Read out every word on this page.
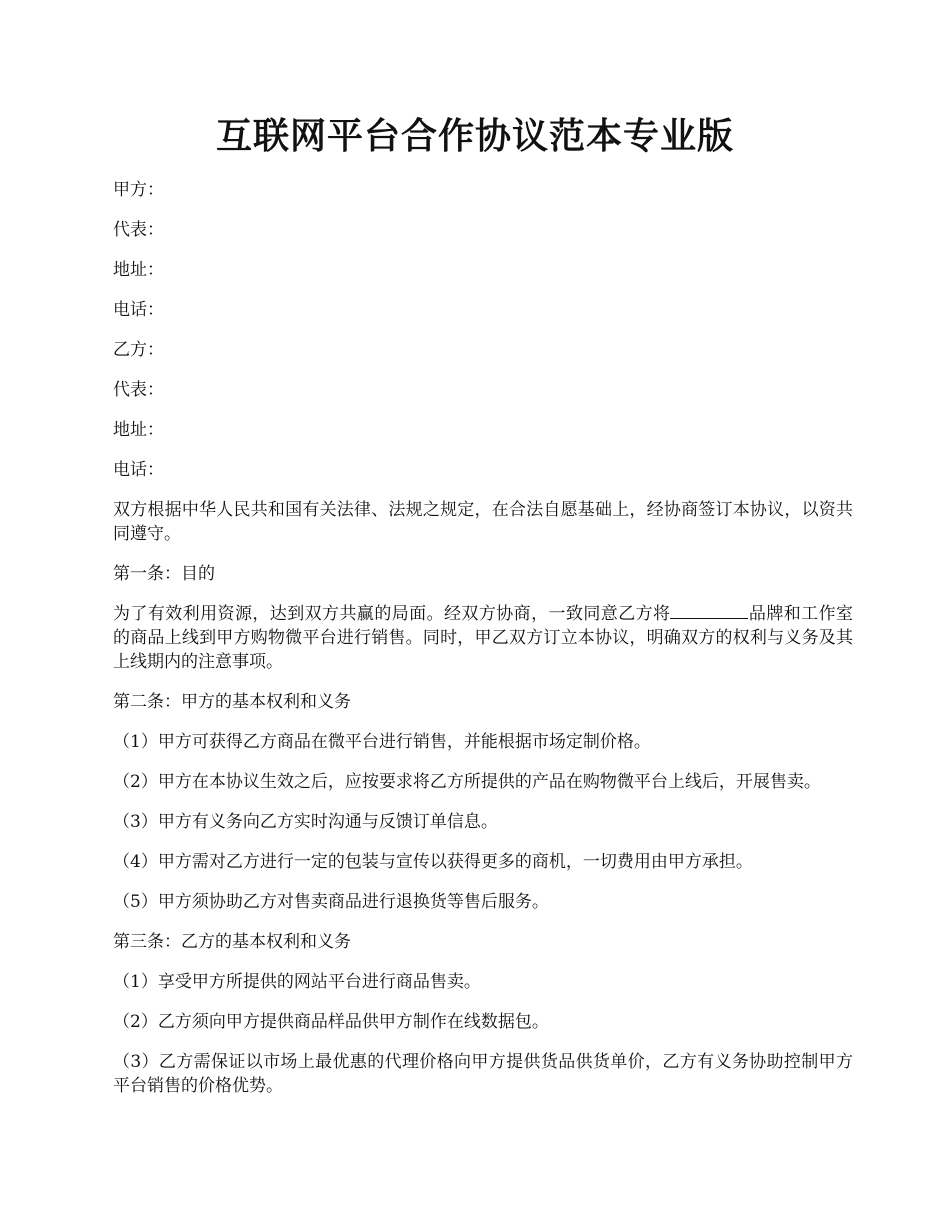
互联网平台合作协议范本专业版

甲方：

代表：

地址：

电话：

乙方：

代表：

地址：

电话：

双方根据中华人民共和国有关法律、法规之规定，在合法自愿基础上，经协商签订本协议，以资共同遵守。

第一条：目的

为了有效利用资源，达到双方共赢的局面。经双方协商，一致同意乙方将	品牌和工作室的商品上线到甲方购物微平台进行销售。同时，甲乙双方订立本协议，明确双方的权利与义务及其上线期内的注意事项。

第二条：甲方的基本权利和义务

（1）甲方可获得乙方商品在微平台进行销售，并能根据市场定制价格。

（2）甲方在本协议生效之后，应按要求将乙方所提供的产品在购物微平台上线后，开展售卖。

（3）甲方有义务向乙方实时沟通与反馈订单信息。

（4）甲方需对乙方进行一定的包装与宣传以获得更多的商机，一切费用由甲方承担。

（5）甲方须协助乙方对售卖商品进行退换货等售后服务。

第三条：乙方的基本权利和义务

（1）享受甲方所提供的网站平台进行商品售卖。

（2）乙方须向甲方提供商品样品供甲方制作在线数据包。

（3）乙方需保证以市场上最优惠的代理价格向甲方提供货品供货单价，乙方有义务协助控制甲方平台销售的价格优势。
